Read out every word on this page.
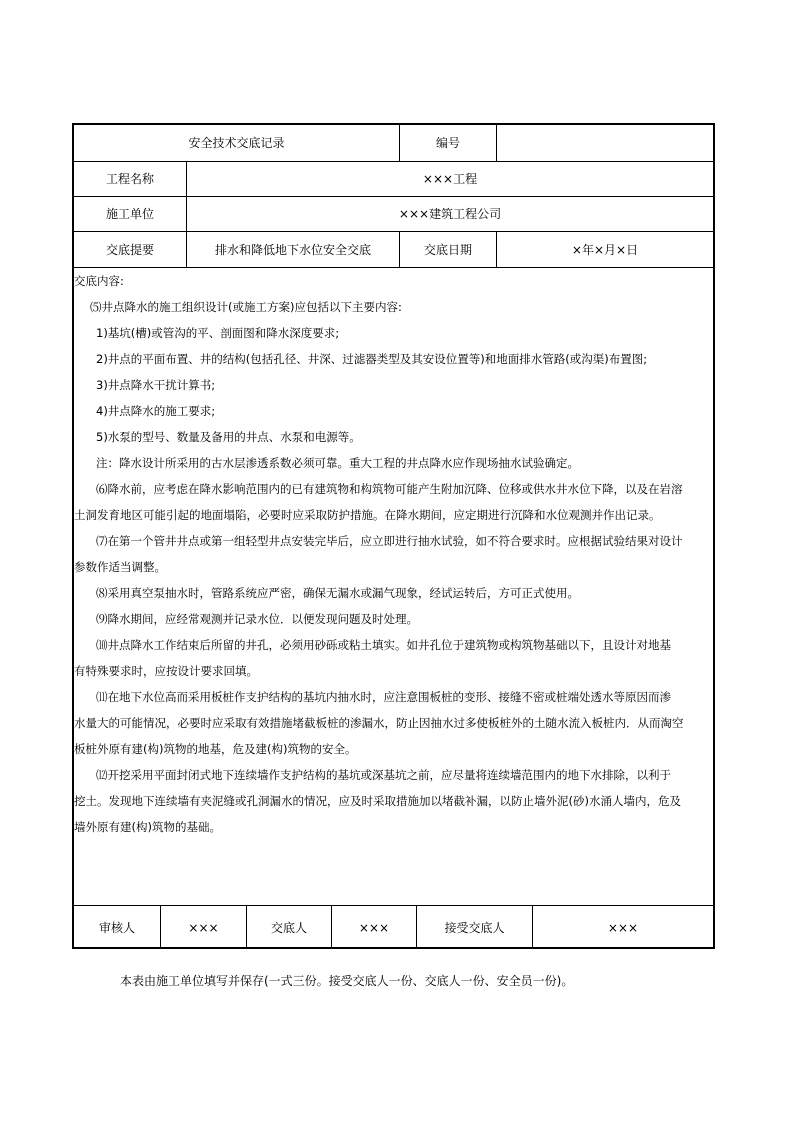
安全技术交底记录	编号
工程名称	×××工程
施工单位	×××建筑工程公司
交底提要	排水和降低地下水位安全交底	交底日期	×年×月×日

交底内容:

⑸井点降水的施工组织设计(或施工方案)应包括以下主要内容:

1)基坑(槽)或管沟的平、剖面图和降水深度要求;

2)井点的平面布置、井的结构(包括孔径、井深、过滤器类型及其安设位置等)和地面排水管路(或沟渠)布置图;

3)井点降水干扰计算书;

4)井点降水的施工要求;

5)水泵的型号、数量及备用的井点、水泵和电源等。

注：降水设计所采用的古水层渗透系数必须可靠。重大工程的井点降水应作现场抽水试验确定。

⑹降水前，应考虑在降水影响范围内的已有建筑物和构筑物可能产生附加沉降、位移或供水井水位下降，以及在岩溶

土洞发育地区可能引起的地面塌陷，必要时应采取防护措施。在降水期间，应定期进行沉降和水位观测并作出记录。

⑺在第一个管井井点或第一组轻型井点安装完毕后，应立即进行抽水试验，如不符合要求时。应根据试验结果对设计

参数作适当调整。

⑻采用真空泵抽水时，管路系统应严密，确保无漏水或漏气现象，经试运转后，方可正式使用。

⑼降水期间，应经常观测并记录水位．以便发现问题及时处理。

⑽井点降水工作结束后所留的井孔，必须用砂砾或粘土填实。如井孔位于建筑物或构筑物基础以下，且设计对地基

有特殊要求时，应按设计要求回填。

⑾在地下水位高而采用板桩作支护结构的基坑内抽水时，应注意围板桩的变形、接缝不密或桩端处透水等原因而渗

水量大的可能情况，必要时应采取有效措施堵截板桩的渗漏水，防止因抽水过多使板桩外的土随水流入板桩内．从而淘空

板桩外原有建(构)筑物的地基，危及建(构)筑物的安全。

⑿开挖采用平面封闭式地下连续墙作支护结构的基坑或深基坑之前，应尽量将连续墙范围内的地下水排除，以利于

挖土。发现地下连续墙有夹泥缝或孔洞漏水的情况，应及时采取措施加以堵截补漏，以防止墙外泥(砂)水涌人墙内，危及

墙外原有建(构)筑物的基础。

审核人	×××	交底人	×××	接受交底人	×××
本表由施工单位填写并保存(一式三份。接受交底人一份、交底人一份、安全员一份)。
